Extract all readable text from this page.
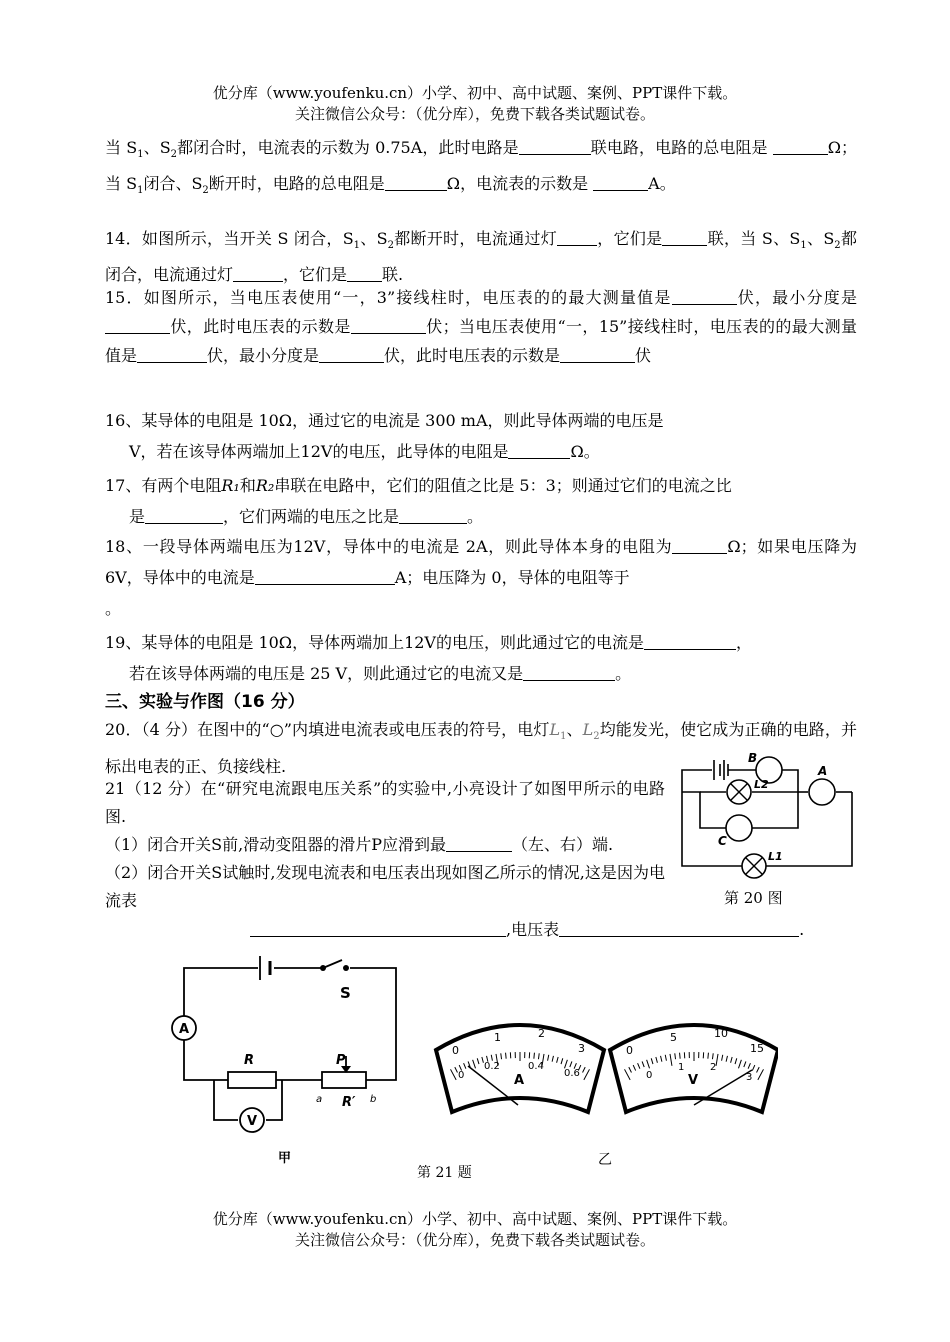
优分库（www.youfenku.cn）小学、初中、高中试题、案例、PPT课件下载。
关注微信公众号：（优分库），免费下载各类试题试卷。
当 $S_1$、$S_2$都闭合时，电流表的示数为 0.75A，此时电路是	联电路，电路的总电阻是	Ω；当 $S_1$闭合、$S_2$断开时，电路的总电阻是	Ω，电流表的示数是	A。
14．如图所示，当开关 S 闭合，$S_1$、$S_2$都断开时，电流通过灯	，它们是	联，当 S、$S_1$、$S_2$都闭合，电流通过灯	，它们是 联.
15．如图所示，当电压表使用“一，3”接线柱时，电压表的的最大测量值是	伏，最小分度是伏，此时电压表的示数是	伏；当电压表使用“一，15”接线柱时，电压表的的最大测量值是	伏，最小分度是	伏，此时电压表的示数是	伏
16、某导体的电阻是 10Ω，通过它的电流是 300 mA，则此导体两端的电压是
V，若在该导体两端加上12V的电压，此导体的电阻是	Ω。
17、有两个电阻R₁和R₂串联在电路中，它们的阻值之比是 5：3；则通过它们的电流之比
是	，它们两端的电压之比是	。
18、一段导体两端电压为12V，导体中的电流是 2A，则此导体本身的电阻为	Ω；如果电压降为6V，导体中的电流是	A；电压降为 0，导体的电阻等于
。
19、某导体的电阻是 10Ω，导体两端加上12V的电压，则此通过它的电流是	，
若在该导体两端的电压是 25 V，则此通过它的电流又是	。
三、实验与作图（16 分）
20．（4 分）在图中的“○”内填进电流表或电压表的符号，电灯$L_1$、$L_2$均能发光，使它成为正确的电路，并标出电表的正、负接线柱.
21（12 分）在“研究电流跟电压关系”的实验中,小亮设计了如图甲所示的电路图.
（1）闭合开关S前,滑动变阻器的滑片P应滑到最	（左、右）端.
（2）闭合开关S试触时,发现电流表和电压表出现如图乙所示的情况,这是因为电流表
,电压表	.
B
A
C
L2
L1
第 20 图
S
A
R	P
R′
a	b
V
甲
0
1	2
3
0
0.2	0.4
0.6
A
0
5	10
15
0
1	2
3
V
乙
第 21 题
优分库（www.youfenku.cn）小学、初中、高中试题、案例、PPT课件下载。
关注微信公众号：（优分库），免费下载各类试题试卷。
